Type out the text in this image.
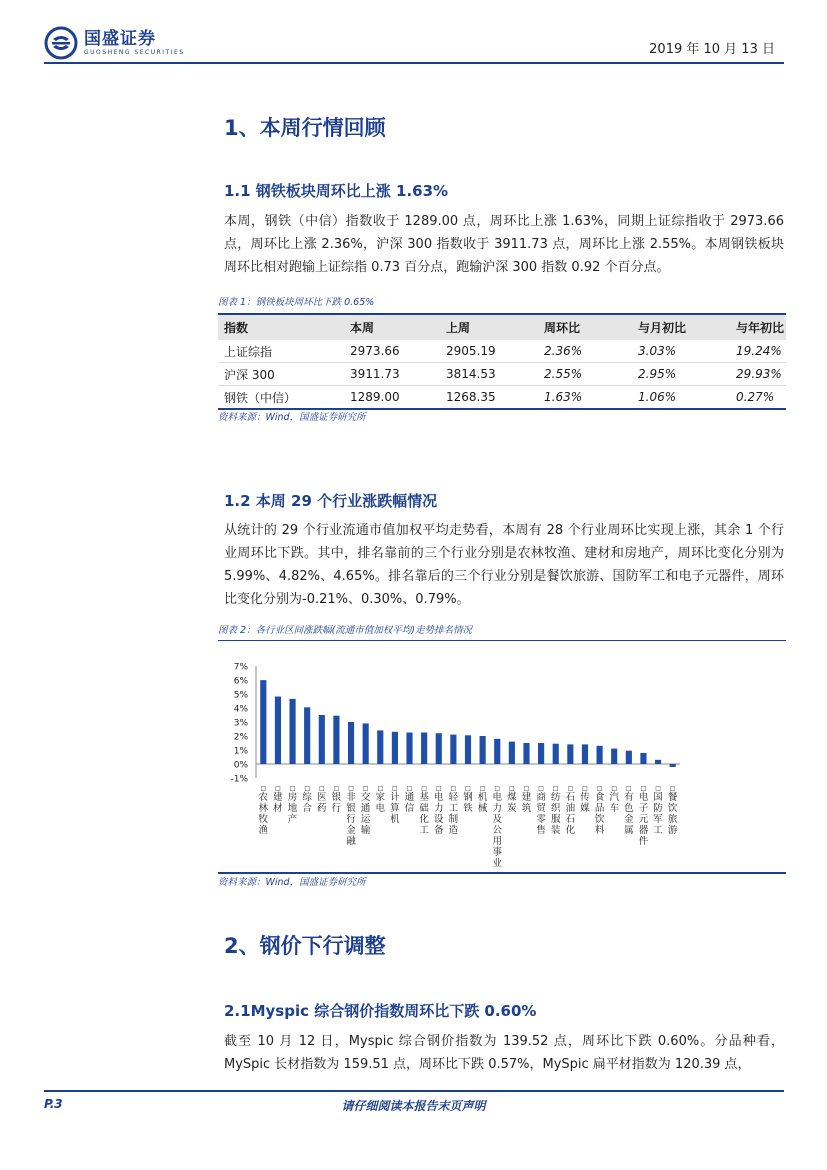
国盛证券
GUOSHENG SECURITIES	2019 年 10 月 13 日
1、本周行情回顾
1.1 钢铁板块周环比上涨 1.63%
本周，钢铁（中信）指数收于 1289.00 点，周环比上涨 1.63%，同期上证综指收于 2973.66 点，周环比上涨 2.36%，沪深 300 指数收于 3911.73 点，周环比上涨 2.55%。本周钢铁板块周环比相对跑输上证综指 0.73 百分点，跑输沪深 300 指数 0.92 个百分点。
图表 1：钢铁板块周环比下跌 0.65%
指数	本周	上周	周环比	与月初比	与年初比
上证综指	2973.66	2905.19	2.36%	3.03%	19.24%
沪深 300	3911.73	3814.53	2.55%	2.95%	29.93%
钢铁（中信）	1289.00	1268.35	1.63%	1.06%	0.27%
资料来源：Wind，国盛证券研究所
1.2 本周 29 个行业涨跌幅情况
从统计的 29 个行业流通市值加权平均走势看，本周有 28 个行业周环比实现上涨，其余 1 个行业周环比下跌。其中，排名靠前的三个行业分别是农林牧渔、建材和房地产，周环比变化分别为 5.99%、4.82%、4.65%。排名靠后的三个行业分别是餐饮旅游、国防军工和电子元器件，周环比变化分别为-0.21%、0.30%、0.79%。
图表 2：各行业区间涨跌幅(流通市值加权平均)走势排名情况
7%
6%
5%
4%
3%
2%
1%
0%
-1%
□农林牧渔
□建材
□房地产
□综合
□医药
□银行
□非银行金融
□交通运输
□家电
□计算机
□通信
□基础化工
□电力设备
□轻工制造
□钢铁
□机械
□电力及公用事业
□煤炭
□建筑
□商贸零售
□纺织服装
□石油石化
□传媒
□食品饮料
□汽车
□有色金属
□电子元器件
□国防军工
□餐饮旅游
资料来源：Wind，国盛证券研究所
2、钢价下行调整
2.1Myspic 综合钢价指数周环比下跌 0.60%
截至 10 月 12 日，Myspic 综合钢价指数为 139.52 点，周环比下跌 0.60%。分品种看，MySpic 长材指数为 159.51 点，周环比下跌 0.57%，MySpic 扁平材指数为 120.39 点，
P.3	请仔细阅读本报告末页声明
